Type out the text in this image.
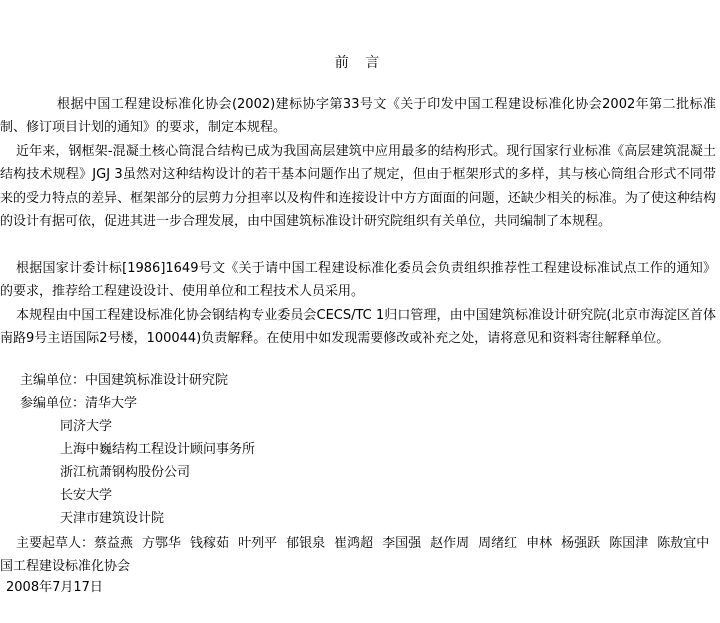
前 言
根据中国工程建设标准化协会(2002)建标协字第33号文《关于印发中国工程建设标准化协会2002年第二批标准制、修订项目计划的通知》的要求，制定本规程。
近年来，钢框架-混凝土核心筒混合结构已成为我国高层建筑中应用最多的结构形式。现行国家行业标准《高层建筑混凝土结构技术规程》JGJ 3虽然对这种结构设计的若干基本问题作出了规定，但由于框架形式的多样，其与核心筒组合形式不同带来的受力特点的差异、框架部分的层剪力分担率以及构件和连接设计中方方面面的问题，还缺少相关的标准。为了使这种结构的设计有据可依，促进其进一步合理发展，由中国建筑标准设计研究院组织有关单位，共同编制了本规程。
根据国家计委计标[1986]1649号文《关于请中国工程建设标准化委员会负责组织推荐性工程建设标准试点工作的通知》的要求，推荐给工程建设设计、使用单位和工程技术人员采用。
本规程由中国工程建设标准化协会钢结构专业委员会CECS/TC 1归口管理，由中国建筑标准设计研究院(北京市海淀区首体南路9号主语国际2号楼，100044)负责解释。在使用中如发现需要修改或补充之处，请将意见和资料寄往解释单位。
主编单位：中国建筑标准设计研究院
参编单位：清华大学
同济大学
上海中巍结构工程设计顾问事务所
浙江杭萧钢构股份公司
长安大学
天津市建筑设计院
主要起草人：蔡益燕 方鄂华 钱稼茹 叶列平 郁银泉 崔鸿超 李国强 赵作周 周绪红 申林 杨强跃 陈国津 陈敖宜中国工程建设标准化协会
2008年7月17日
